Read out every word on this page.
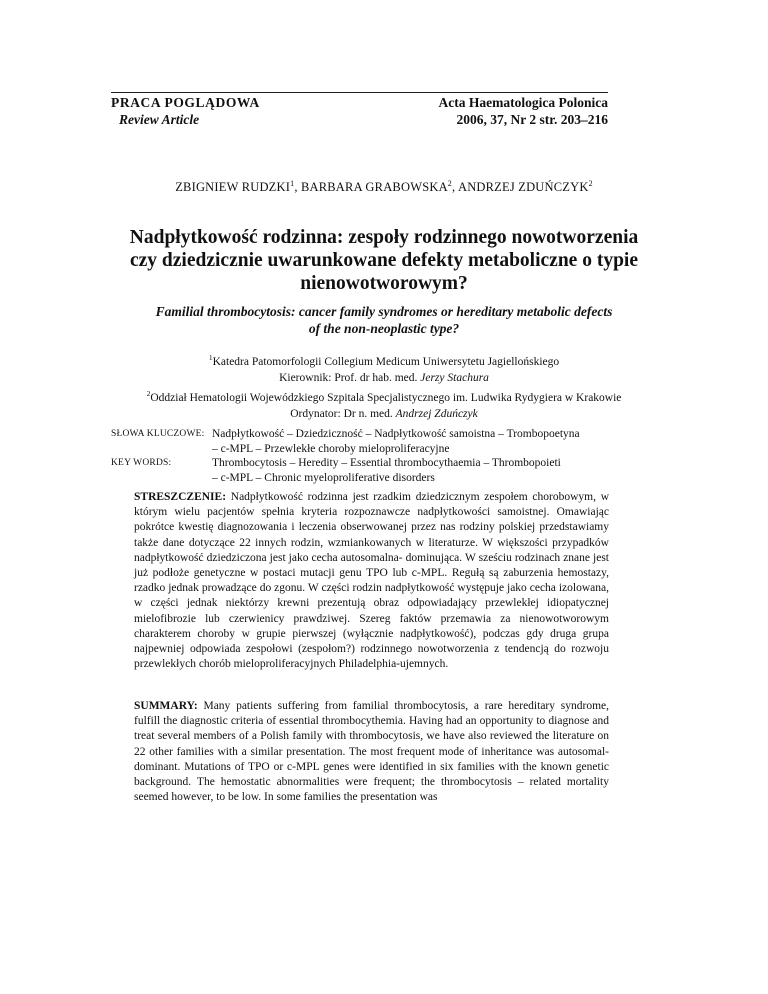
PRACA POGLĄDOWA
Review Article
Acta Haematologica Polonica
2006, 37, Nr 2 str. 203–216
ZBIGNIEW RUDZKI$^1$, BARBARA GRABOWSKA$^2$, ANDRZEJ ZDUŃCZYK$^2$
Nadpłytkowość rodzinna: zespoły rodzinnego nowotworzenia
czy dziedzicznie uwarunkowane defekty metaboliczne o typie
nienowotworowym?
Familial thrombocytosis: cancer family syndromes or hereditary metabolic defects
of the non-neoplastic type?
$^1$Katedra Patomorfologii Collegium Medicum Uniwersytetu Jagiellońskiego
Kierownik: Prof. dr hab. med. Jerzy Stachura
$^2$Oddział Hematologii Wojewódzkiego Szpitala Specjalistycznego im. Ludwika Rydygiera w Krakowie
Ordynator: Dr n. med. Andrzej Zduńczyk
SŁOWA KLUCZOWE: Nadpłytkowość – Dziedziczność – Nadpłytkowość samoistna – Trombopoetyna
– c-MPL – Przewlekłe choroby mieloproliferacyjne
KEY WORDS:	Thrombocytosis – Heredity – Essential thrombocythaemia – Thrombopoieti
– c-MPL – Chronic myeloproliferative disorders
STRESZCZENIE: Nadpłytkowość rodzinna jest rzadkim dziedzicznym zespołem chorobowym, w którym wielu pacjentów spełnia kryteria rozpoznawcze nadpłytkowości samoistnej. Omawiając pokrótce kwestię diagnozowania i leczenia obserwowanej przez nas rodziny polskiej przedstawiamy także dane dotyczące 22 innych rodzin, wzmiankowanych w literaturze. W większości przypadków nadpłytkowość dziedziczona jest jako cecha autosomalna- dominująca. W sześciu rodzinach znane jest już podłoże genetyczne w postaci mutacji genu TPO lub c-MPL. Regułą są zaburzenia hemostazy, rzadko jednak prowadzące do zgonu. W części rodzin nadpłytkowość występuje jako cecha izolowana, w części jednak niektórzy krewni prezentują obraz odpowiadający przewlekłej idiopatycznej mielofibrozie lub czerwienicy prawdziwej. Szereg faktów przemawia za nienowotworowym charakterem choroby w grupie pierwszej (wyłącznie nadpłytkowość), podczas gdy druga grupa najpewniej odpowiada zespołowi (zespołom?) rodzinnego nowotworzenia z tendencją do rozwoju przewlekłych chorób mieloproliferacyjnych Philadelphia-ujemnych.
SUMMARY: Many patients suffering from familial thrombocytosis, a rare hereditary syndrome, fulfill the diagnostic criteria of essential thrombocythemia. Having had an opportunity to diagnose and treat several members of a Polish family with thrombocytosis, we have also reviewed the literature on 22 other families with a similar presentation. The most frequent mode of inheritance was autosomal- dominant. Mutations of TPO or c-MPL genes were identified in six families with the known genetic background. The hemostatic abnormalities were frequent; the thrombocytosis – related mortality seemed however, to be low. In some families the presentation was
